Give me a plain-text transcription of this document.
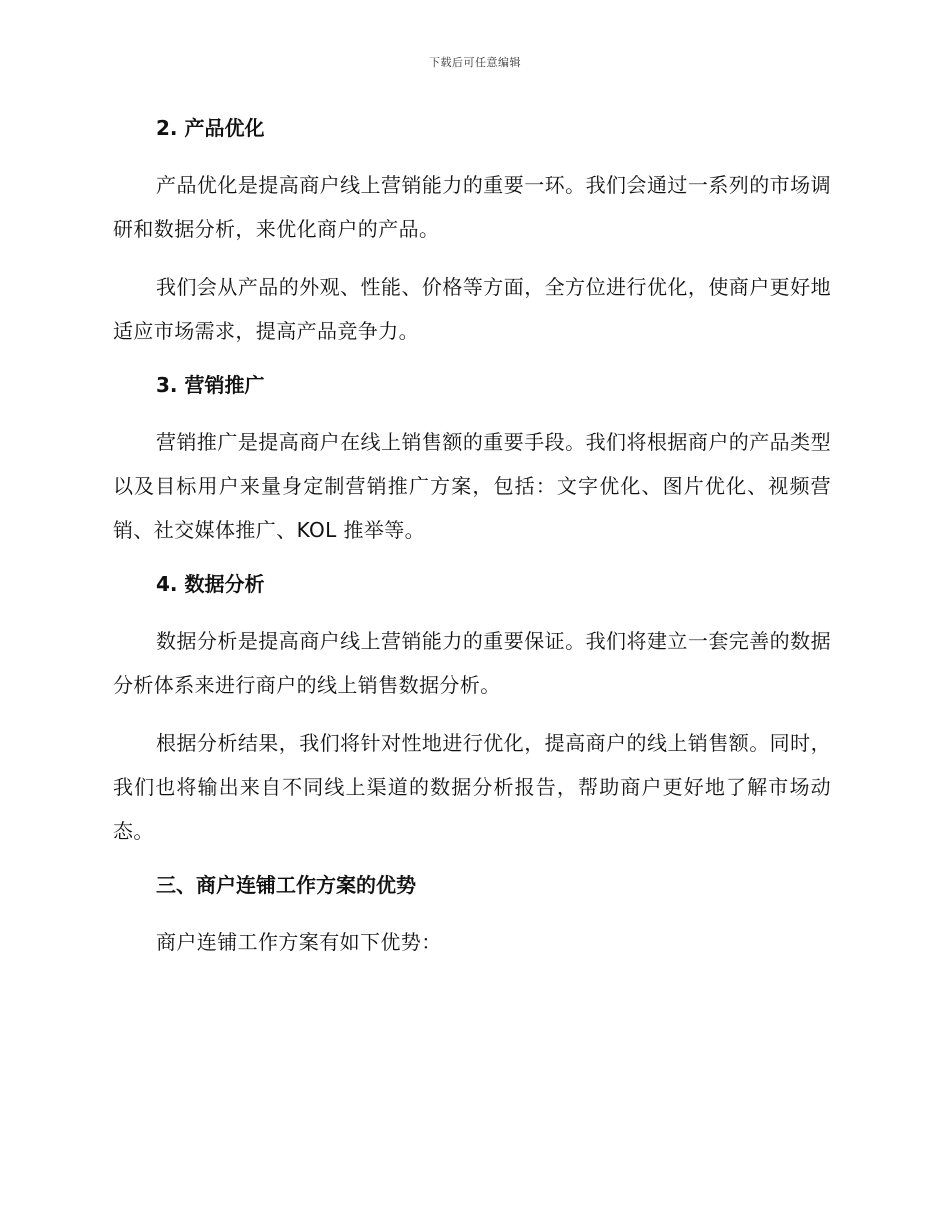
下载后可任意编辑
2. 产品优化

产品优化是提高商户线上营销能力的重要一环。我们会通过一系列的市场调研和数据分析，来优化商户的产品。

我们会从产品的外观、性能、价格等方面，全方位进行优化，使商户更好地适应市场需求，提高产品竞争力。

3. 营销推广

营销推广是提高商户在线上销售额的重要手段。我们将根据商户的产品类型以及目标用户来量身定制营销推广方案，包括：文字优化、图片优化、视频营销、社交媒体推广、KOL 推举等。

4. 数据分析

数据分析是提高商户线上营销能力的重要保证。我们将建立一套完善的数据分析体系来进行商户的线上销售数据分析。

根据分析结果，我们将针对性地进行优化，提高商户的线上销售额。同时，我们也将输出来自不同线上渠道的数据分析报告，帮助商户更好地了解市场动态。

三、商户连铺工作方案的优势

商户连铺工作方案有如下优势：
